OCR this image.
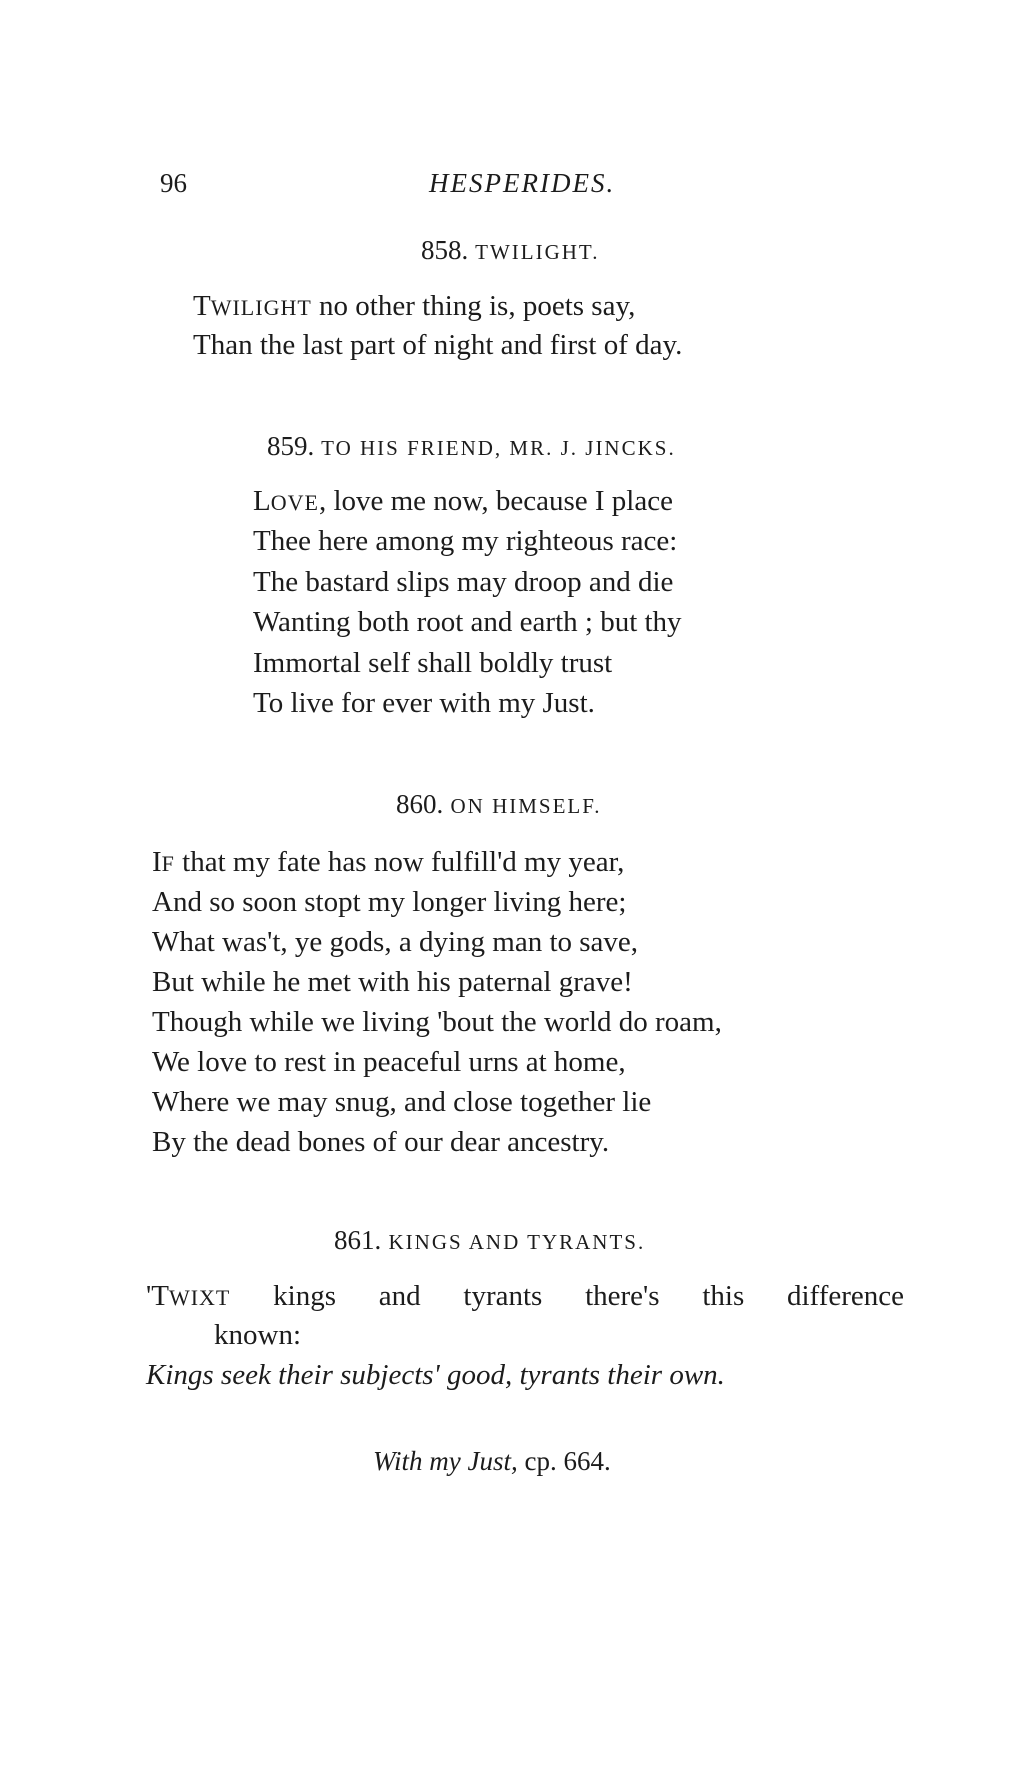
96	HESPERIDES.
858. TWILIGHT.
TWILIGHT no other thing is, poets say,
Than the last part of night and first of day.
859. TO HIS FRIEND, MR. J. JINCKS.
LOVE, love me now, because I place
Thee here among my righteous race:
The bastard slips may droop and die
Wanting both root and earth ; but thy
Immortal self shall boldly trust
To live for ever with my Just.
860. ON HIMSELF.
IF that my fate has now fulfill'd my year,
And so soon stopt my longer living here;
What was't, ye gods, a dying man to save,
But while he met with his paternal grave!
Though while we living 'bout the world do roam,
We love to rest in peaceful urns at home,
Where we may snug, and close together lie
By the dead bones of our dear ancestry.
861. KINGS AND TYRANTS.
'TWIXT kings and tyrants there's this difference
known:
Kings seek their subjects' good, tyrants their own.
With my Just, cp. 664.
